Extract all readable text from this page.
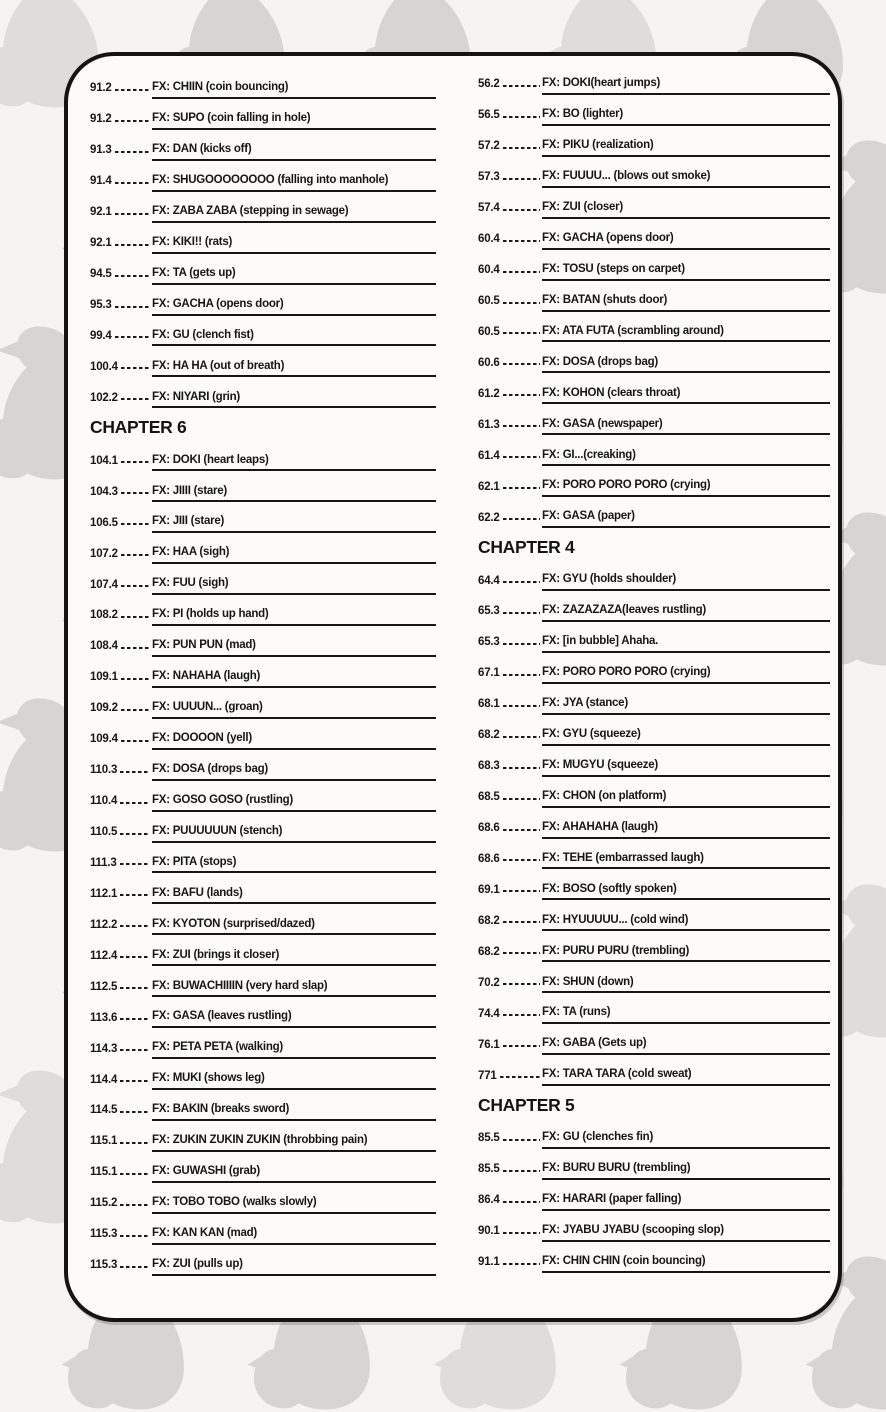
91.2	FX: CHIIN (coin bouncing)
91.2	FX: SUPO (coin falling in hole)
91.3	FX: DAN (kicks off)
91.4	FX: SHUGOOOOOOOO (falling into manhole)
92.1	FX: ZABA ZABA (stepping in sewage)
92.1	FX: KIKI!! (rats)
94.5	FX: TA (gets up)
95.3	FX: GACHA (opens door)
99.4	FX: GU (clench fist)
100.4	FX: HA HA (out of breath)
102.2	FX: NIYARI (grin)
CHAPTER 6
104.1	FX: DOKI (heart leaps)
104.3	FX: JIIII (stare)
106.5	FX: JIII (stare)
107.2	FX: HAA (sigh)
107.4	FX: FUU (sigh)
108.2	FX: PI (holds up hand)
108.4	FX: PUN PUN (mad)
109.1	FX: NAHAHA (laugh)
109.2	FX: UUUUN... (groan)
109.4	FX: DOOOON (yell)
110.3	FX: DOSA (drops bag)
110.4	FX: GOSO GOSO (rustling)
110.5	FX: PUUUUUUN (stench)
111.3	FX: PITA (stops)
112.1	FX: BAFU (lands)
112.2	FX: KYOTON (surprised/dazed)
112.4	FX: ZUI (brings it closer)
112.5	FX: BUWACHIIIIN (very hard slap)
113.6	FX: GASA (leaves rustling)
114.3	FX: PETA PETA (walking)
114.4	FX: MUKI (shows leg)
114.5	FX: BAKIN (breaks sword)
115.1	FX: ZUKIN ZUKIN ZUKIN (throbbing pain)
115.1	FX: GUWASHI (grab)
115.2	FX: TOBO TOBO (walks slowly)
115.3	FX: KAN KAN (mad)
115.3	FX: ZUI (pulls up)
56.2	FX: DOKI(heart jumps)
56.5	FX: BO (lighter)
57.2	FX: PIKU (realization)
57.3	FX: FUUUU... (blows out smoke)
57.4	FX: ZUI (closer)
60.4	FX: GACHA (opens door)
60.4	FX: TOSU (steps on carpet)
60.5	FX: BATAN (shuts door)
60.5	FX: ATA FUTA (scrambling around)
60.6	FX: DOSA (drops bag)
61.2	FX: KOHON (clears throat)
61.3	FX: GASA (newspaper)
61.4	FX: GI...(creaking)
62.1	FX: PORO PORO PORO (crying)
62.2	FX: GASA (paper)
CHAPTER 4
64.4	FX: GYU (holds shoulder)
65.3	FX: ZAZAZAZA(leaves rustling)
65.3	FX: [in bubble] Ahaha.
67.1	FX: PORO PORO PORO (crying)
68.1	FX: JYA (stance)
68.2	FX: GYU (squeeze)
68.3	FX: MUGYU (squeeze)
68.5	FX: CHON (on platform)
68.6	FX: AHAHAHA (laugh)
68.6	FX: TEHE (embarrassed laugh)
69.1	FX: BOSO (softly spoken)
68.2	FX: HYUUUUU... (cold wind)
68.2	FX: PURU PURU (trembling)
70.2	FX: SHUN (down)
74.4	FX: TA (runs)
76.1	FX: GABA (Gets up)
771	FX: TARA TARA (cold sweat)
CHAPTER 5
85.5	FX: GU (clenches fin)
85.5	FX: BURU BURU (trembling)
86.4	FX: HARARI (paper falling)
90.1	FX: JYABU JYABU (scooping slop)
91.1	FX: CHIN CHIN (coin bouncing)
